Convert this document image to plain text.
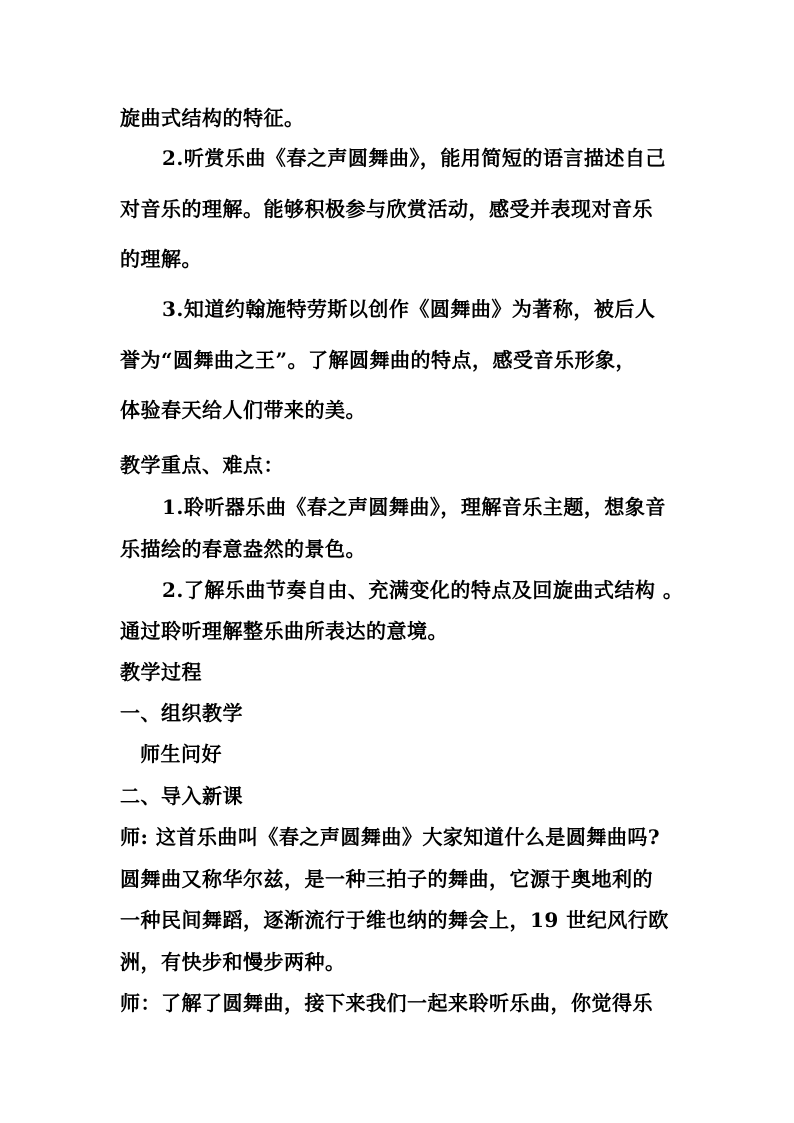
旋曲式结构的特征。
2.听赏乐曲《春之声圆舞曲》，能用简短的语言描述自己
对音乐的理解。能够积极参与欣赏活动，感受并表现对音乐
的理解。
3.知道约翰施特劳斯以创作《圆舞曲》为著称，被后人
誉为“圆舞曲之王”。了解圆舞曲的特点，感受音乐形象，
体验春天给人们带来的美。
教学重点、难点：
1.聆听器乐曲《春之声圆舞曲》，理解音乐主题，想象音
乐描绘的春意盎然的景色。
2.了解乐曲节奏自由、充满变化的特点及回旋曲式结构 。
通过聆听理解整乐曲所表达的意境。
教学过程
一、组织教学
师生问好
二、导入新课
师: 这首乐曲叫《春之声圆舞曲》大家知道什么是圆舞曲吗?
圆舞曲又称华尔兹，是一种三拍子的舞曲，它源于奥地利的
一种民间舞蹈，逐渐流行于维也纳的舞会上，19 世纪风行欧
洲，有快步和慢步两种。
师：了解了圆舞曲，接下来我们一起来聆听乐曲，你觉得乐
